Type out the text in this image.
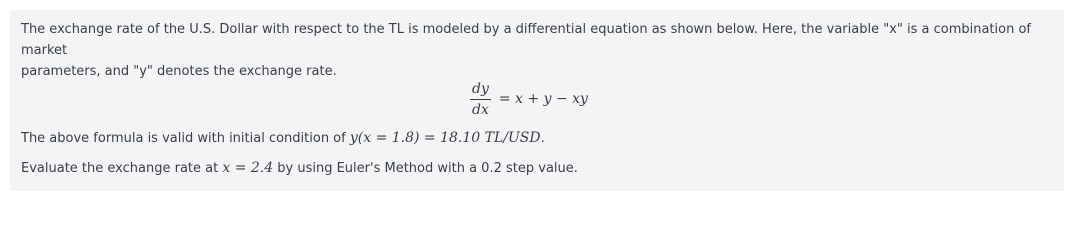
The exchange rate of the U.S. Dollar with respect to the TL is modeled by a differential equation as shown below. Here, the variable "x" is a combination of market
parameters, and "y" denotes the exchange rate.

$\frac{dy}{dx} = x + y$ − xy

The above formula is valid with initial condition of y(x = 1.8) = 18.10 TL/USD.

Evaluate the exchange rate at x = 2.4 by using Euler's Method with a 0.2 step value.
